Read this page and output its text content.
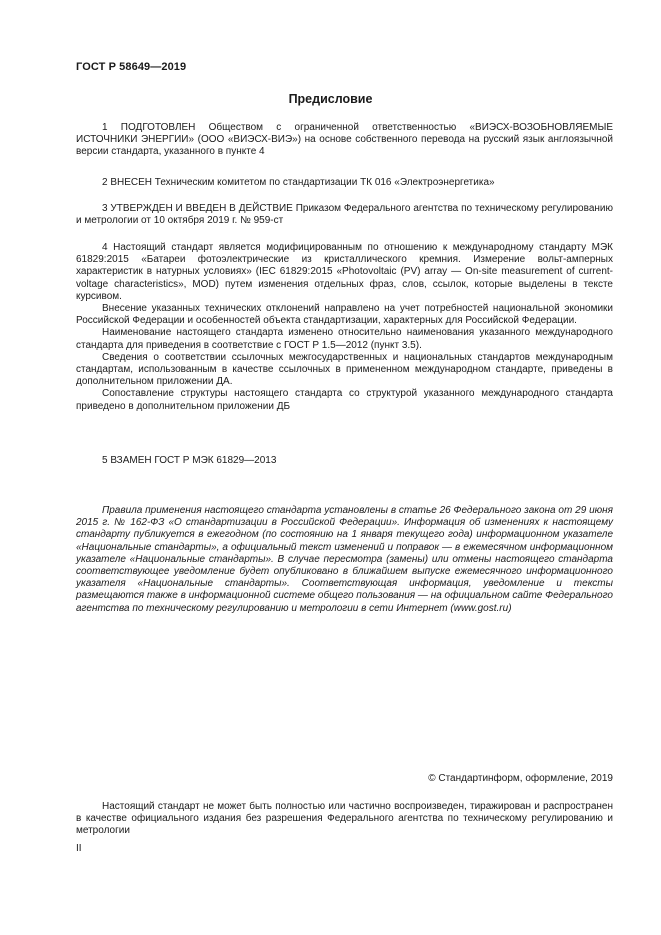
ГОСТ Р 58649—2019
Предисловие

1 ПОДГОТОВЛЕН Обществом с ограниченной ответственностью «ВИЭСХ-ВОЗОБНОВЛЯЕМЫЕ ИСТОЧНИКИ ЭНЕРГИИ» (ООО «ВИЭСХ-ВИЭ») на основе собственного перевода на русский язык англоязычной версии стандарта, указанного в пункте 4

2 ВНЕСЕН Техническим комитетом по стандартизации ТК 016 «Электроэнергетика»

3 УТВЕРЖДЕН И ВВЕДЕН В ДЕЙСТВИЕ Приказом Федерального агентства по техническому регулированию и метрологии от 10 октября 2019 г. № 959-ст

4 Настоящий стандарт является модифицированным по отношению к международному стандарту МЭК 61829:2015 «Батареи фотоэлектрические из кристаллического кремния. Измерение вольт-амперных характеристик в натурных условиях» (IEC 61829:2015 «Photovoltaic (PV) array — On-site measurement of current-voltage characteristics», MOD) путем изменения отдельных фраз, слов, ссылок, которые выделены в тексте курсивом.

Внесение указанных технических отклонений направлено на учет потребностей национальной экономики Российской Федерации и особенностей объекта стандартизации, характерных для Российской Федерации.

Наименование настоящего стандарта изменено относительно наименования указанного международного стандарта для приведения в соответствие с ГОСТ Р 1.5—2012 (пункт 3.5).

Сведения о соответствии ссылочных межгосударственных и национальных стандартов международным стандартам, использованным в качестве ссылочных в примененном международном стандарте, приведены в дополнительном приложении ДА.

Сопоставление структуры настоящего стандарта со структурой указанного международного стандарта приведено в дополнительном приложении ДБ

5 ВЗАМЕН ГОСТ Р МЭК 61829—2013

Правила применения настоящего стандарта установлены в статье 26 Федерального закона от 29 июня 2015 г. № 162-ФЗ «О стандартизации в Российской Федерации». Информация об изменениях к настоящему стандарту публикуется в ежегодном (по состоянию на 1 января текущего года) информационном указателе «Национальные стандарты», а официальный текст изменений и поправок — в ежемесячном информационном указателе «Национальные стандарты». В случае пересмотра (замены) или отмены настоящего стандарта соответствующее уведомление будет опубликовано в ближайшем выпуске ежемесячного информационного указателя «Национальные стандарты». Соответствующая информация, уведомление и тексты размещаются также в информационной системе общего пользования — на официальном сайте Федерального агентства по техническому регулированию и метрологии в сети Интернет (www.gost.ru)

© Стандартинформ, оформление, 2019

Настоящий стандарт не может быть полностью или частично воспроизведен, тиражирован и распространен в качестве официального издания без разрешения Федерального агентства по техническому регулированию и метрологии

II
